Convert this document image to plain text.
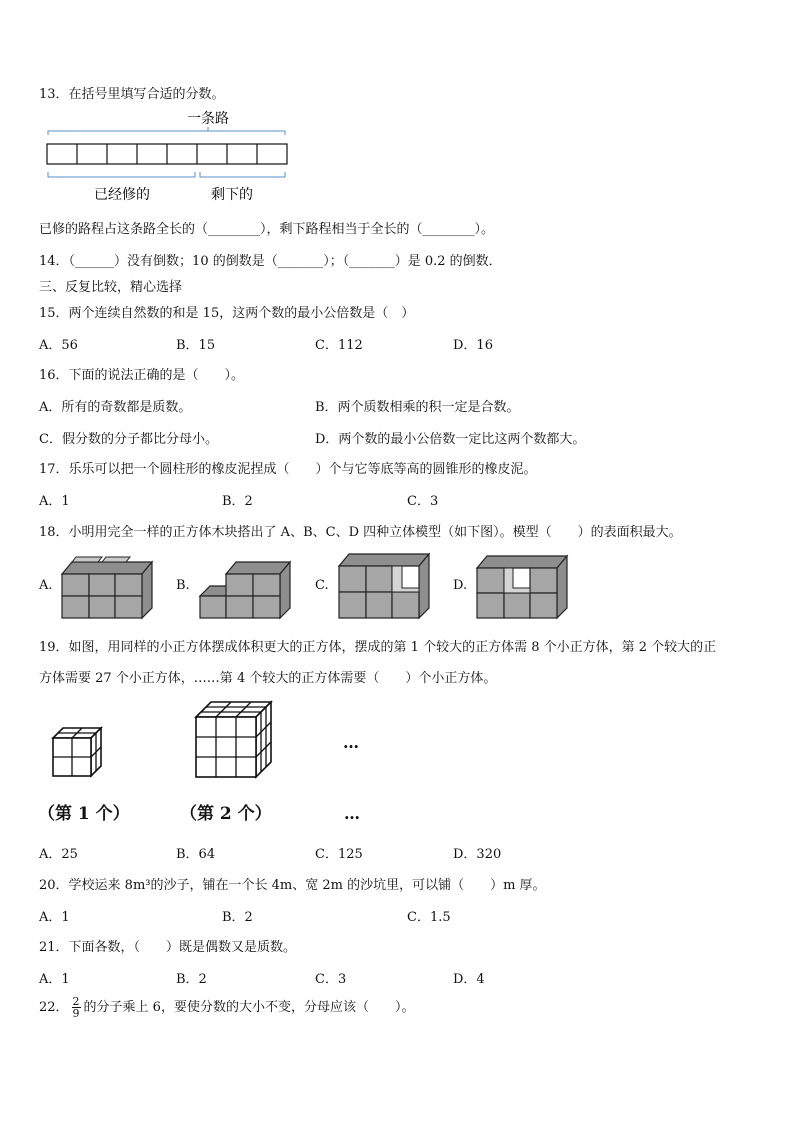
13．在括号里填写合适的分数。
一条路
已经修的	剩下的
已修的路程占这条路全长的（________），剩下路程相当于全长的（________）。
14．（______）没有倒数；10 的倒数是（_______）；（_______）是 0.2 的倒数．
三、反复比较，精心选择
15．两个连续自然数的和是 15，这两个数的最小公倍数是（　）
A．56	B．15	C．112	D．16
16．下面的说法正确的是（　　）。
A．所有的奇数都是质数。	B．两个质数相乘的积一定是合数。
C．假分数的分子都比分母小。	D．两个数的最小公倍数一定比这两个数都大。
17．乐乐可以把一个圆柱形的橡皮泥捏成（　　）个与它等底等高的圆锥形的橡皮泥。
A．1	B．2	C．3
18．小明用完全一样的正方体木块搭出了 A、B、C、D 四种立体模型（如下图）。模型（　　）的表面积最大。
A.	B.	C.	D.
19．如图，用同样的小正方体摆成体积更大的正方体，摆成的第 1 个较大的正方体需 8 个小正方体，第 2 个较大的正
方体需要 27 个小正方体，……第 4 个较大的正方体需要（　　）个小正方体。
…
（第 1 个）	（第 2 个）	…
A．25	B．64	C．125	D．320
20．学校运来 8m³的沙子，铺在一个长 4m、宽 2m 的沙坑里，可以铺（　　）m 厚。
A．1	B．2	C．1.5
21．下面各数，（　　）既是偶数又是质数。
A．1	B．2	C．3	D．4
22． $\frac{2}{9}$ 的分子乘上 6，要使分数的大小不变，分母应该（　　）。
